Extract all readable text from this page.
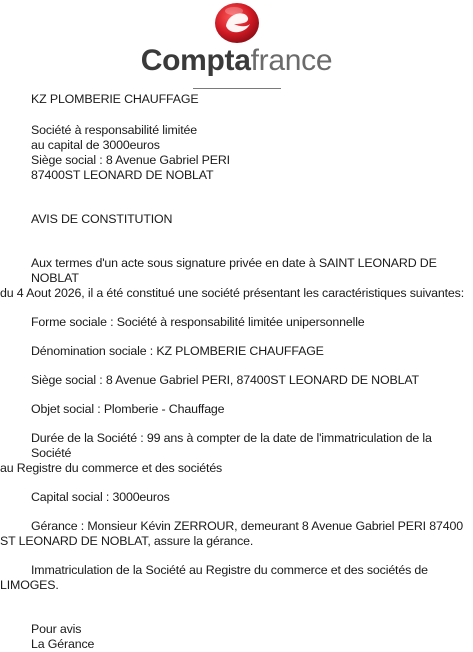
Comptafrance

KZ PLOMBERIE CHAUFFAGE

Société à responsabilité limitée
au capital de 3000euros
Siège social : 8 Avenue Gabriel PERI
87400ST LEONARD DE NOBLAT

AVIS DE CONSTITUTION

Aux termes d'un acte sous signature privée en date à SAINT LEONARD DE NOBLAT
du 4 Aout 2026, il a été constitué une société présentant les caractéristiques suivantes:

Forme sociale : Société à responsabilité limitée unipersonnelle

Dénomination sociale : KZ PLOMBERIE CHAUFFAGE

Siège social : 8 Avenue Gabriel PERI, 87400ST LEONARD DE NOBLAT

Objet social : Plomberie - Chauffage

Durée de la Société : 99 ans à compter de la date de l'immatriculation de la Société
au Registre du commerce et des sociétés

Capital social : 3000euros

Gérance : Monsieur Kévin ZERROUR, demeurant 8 Avenue Gabriel PERI 87400
ST LEONARD DE NOBLAT, assure la gérance.
Immatriculation de la Société au Registre du commerce et des sociétés de
LIMOGES.
Pour avis
La Gérance
